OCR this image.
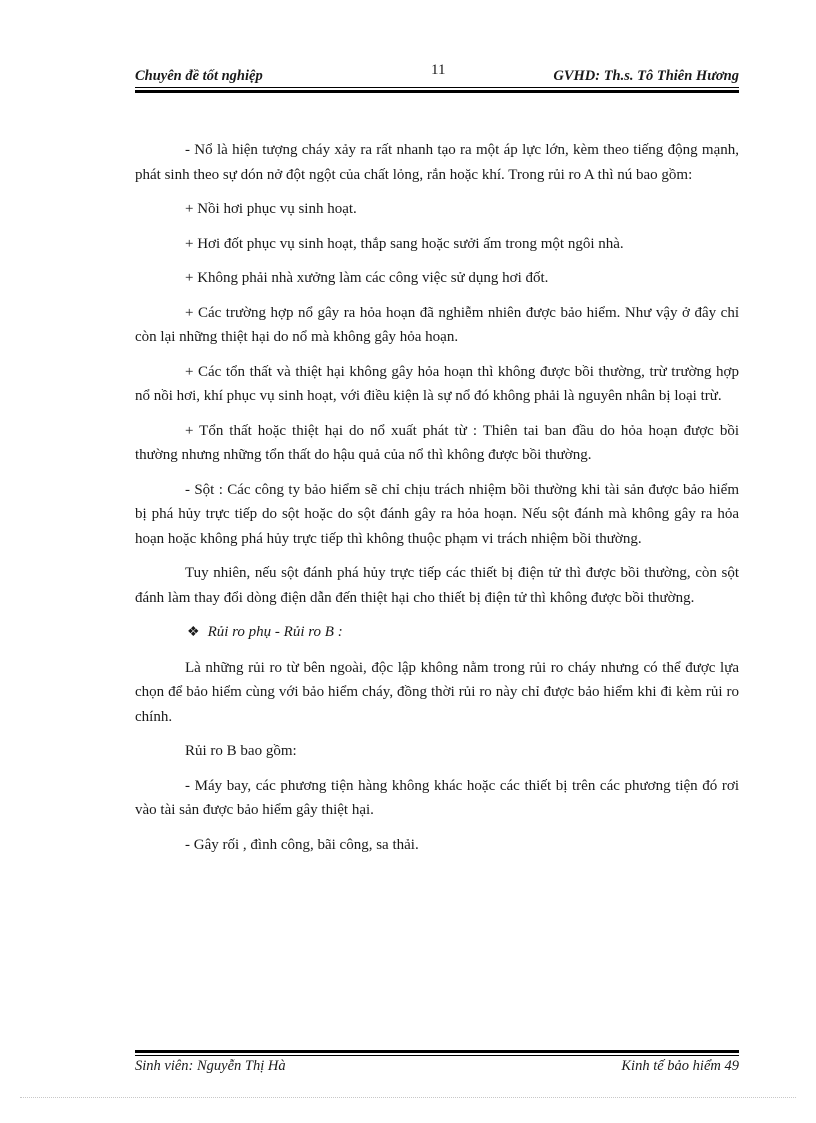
Chuyên đề tốt nghiệp	11	GVHD: Th.s. Tô Thiên Hương

- Nổ là hiện tượng cháy xảy ra rất nhanh tạo ra một áp lực lớn, kèm theo tiếng động mạnh, phát sinh theo sự dón nở đột ngột của chất lỏng, rắn hoặc khí. Trong rủi ro A thì nú bao gồm:

+ Nồi hơi phục vụ sinh hoạt.

+ Hơi đốt phục vụ sinh hoạt, thắp sang hoặc sưởi ấm trong một ngôi nhà.

+ Không phải nhà xưởng làm các công việc sử dụng hơi đốt.

+ Các trường hợp nổ gây ra hỏa hoạn đã nghiễm nhiên được bảo hiểm. Như vậy ở đây chỉ còn lại những thiệt hại do nổ mà không gây hỏa hoạn.

+ Các tổn thất và thiệt hại không gây hỏa hoạn thì không được bồi thường, trừ trường hợp nổ nồi hơi, khí phục vụ sinh hoạt, với điều kiện là sự nổ đó không phải là nguyên nhân bị loại trừ.

+ Tổn thất hoặc thiệt hại do nổ xuất phát từ : Thiên tai ban đầu do hỏa hoạn được bồi thường nhưng những tổn thất do hậu quả của nổ thì không được bồi thường.

- Sột : Các công ty bảo hiểm sẽ chỉ chịu trách nhiệm bồi thường khi tài sản được bảo hiểm bị phá hủy trực tiếp do sột hoặc do sột đánh gây ra hỏa hoạn. Nếu sột đánh mà không gây ra hỏa hoạn hoặc không phá hủy trực tiếp thì không thuộc phạm vi trách nhiệm bồi thường.

Tuy nhiên, nếu sột đánh phá hủy trực tiếp các thiết bị điện tử thì được bồi thường, còn sột đánh làm thay đổi dòng điện dẫn đến thiệt hại cho thiết bị điện tử thì không được bồi thường.

❖ Rủi ro phụ - Rủi ro B :

Là những rủi ro từ bên ngoài, độc lập không nằm trong rủi ro cháy nhưng có thể được lựa chọn để bảo hiểm cùng với bảo hiểm cháy, đồng thời rủi ro này chỉ được bảo hiểm khi đi kèm rủi ro chính.

Rủi ro B bao gồm:

- Máy bay, các phương tiện hàng không khác hoặc các thiết bị trên các phương tiện đó rơi vào tài sản được bảo hiểm gây thiệt hại.

- Gây rối , đình công, bãi công, sa thải.

Sinh viên: Nguyễn Thị Hà	Kinh tế bảo hiểm 49
